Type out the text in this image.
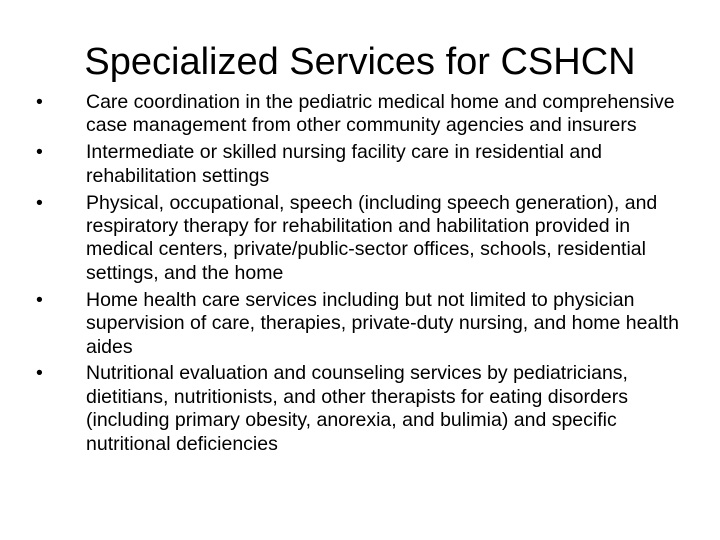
Specialized Services for CSHCN
•	Care coordination in the pediatric medical home and comprehensive case management from other community agencies and insurers
•	Intermediate or skilled nursing facility care in residential and rehabilitation settings
•	Physical, occupational, speech (including speech generation), and respiratory therapy for rehabilitation and habilitation provided in medical centers, private/public-sector offices, schools, residential settings, and the home
•	Home health care services including but not limited to physician supervision of care, therapies, private-duty nursing, and home health aides
•	Nutritional evaluation and counseling services by pediatricians, dietitians, nutritionists, and other therapists for eating disorders (including primary obesity, anorexia, and bulimia) and specific nutritional deficiencies
